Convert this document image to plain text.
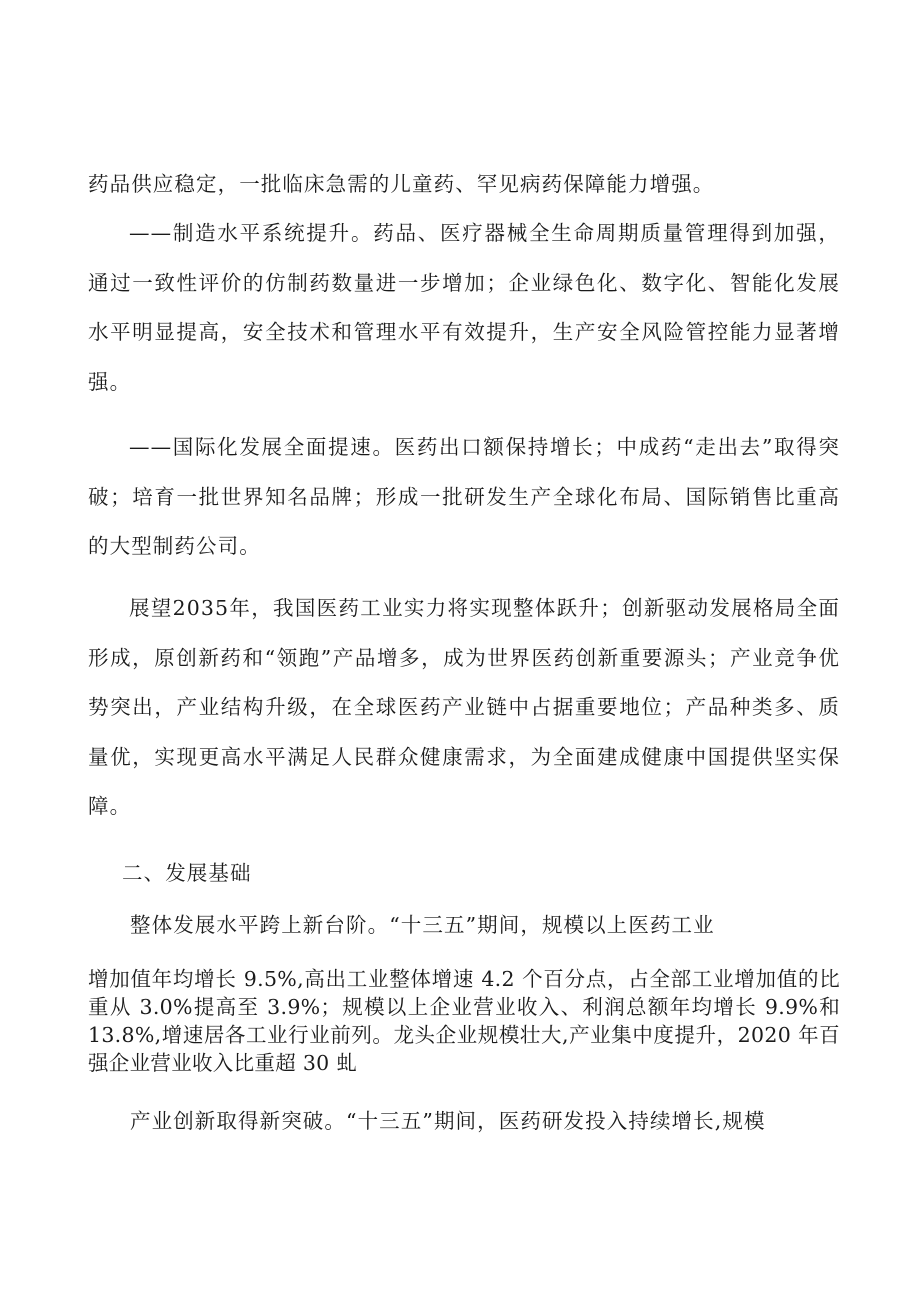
药品供应稳定，一批临床急需的儿童药、罕见病药保障能力增强。

——制造水平系统提升。药品、医疗器械全生命周期质量管理得到加强，通过一致性评价的仿制药数量进一步增加；企业绿色化、数字化、智能化发展水平明显提高，安全技术和管理水平有效提升，生产安全风险管控能力显著增强。

——国际化发展全面提速。医药出口额保持增长；中成药“走出去”取得突破；培育一批世界知名品牌；形成一批研发生产全球化布局、国际销售比重高的大型制药公司。

展望2035年，我国医药工业实力将实现整体跃升；创新驱动发展格局全面形成，原创新药和“领跑”产品增多，成为世界医药创新重要源头；产业竞争优势突出，产业结构升级，在全球医药产业链中占据重要地位；产品种类多、质量优，实现更高水平满足人民群众健康需求，为全面建成健康中国提供坚实保障。

二、发展基础

整体发展水平跨上新台阶。“十三五”期间，规模以上医药工业

增加值年均增长 9.5%,高出工业整体增速 4.2 个百分点，占全部工业增加值的比重从 3.0%提高至 3.9%；规模以上企业营业收入、利润总额年均增长 9.9%和 13.8%,增速居各工业行业前列。龙头企业规模壮大,产业集中度提升，2020 年百强企业营业收入比重超 30 虬

产业创新取得新突破。“十三五”期间，医药研发投入持续增长,规模
